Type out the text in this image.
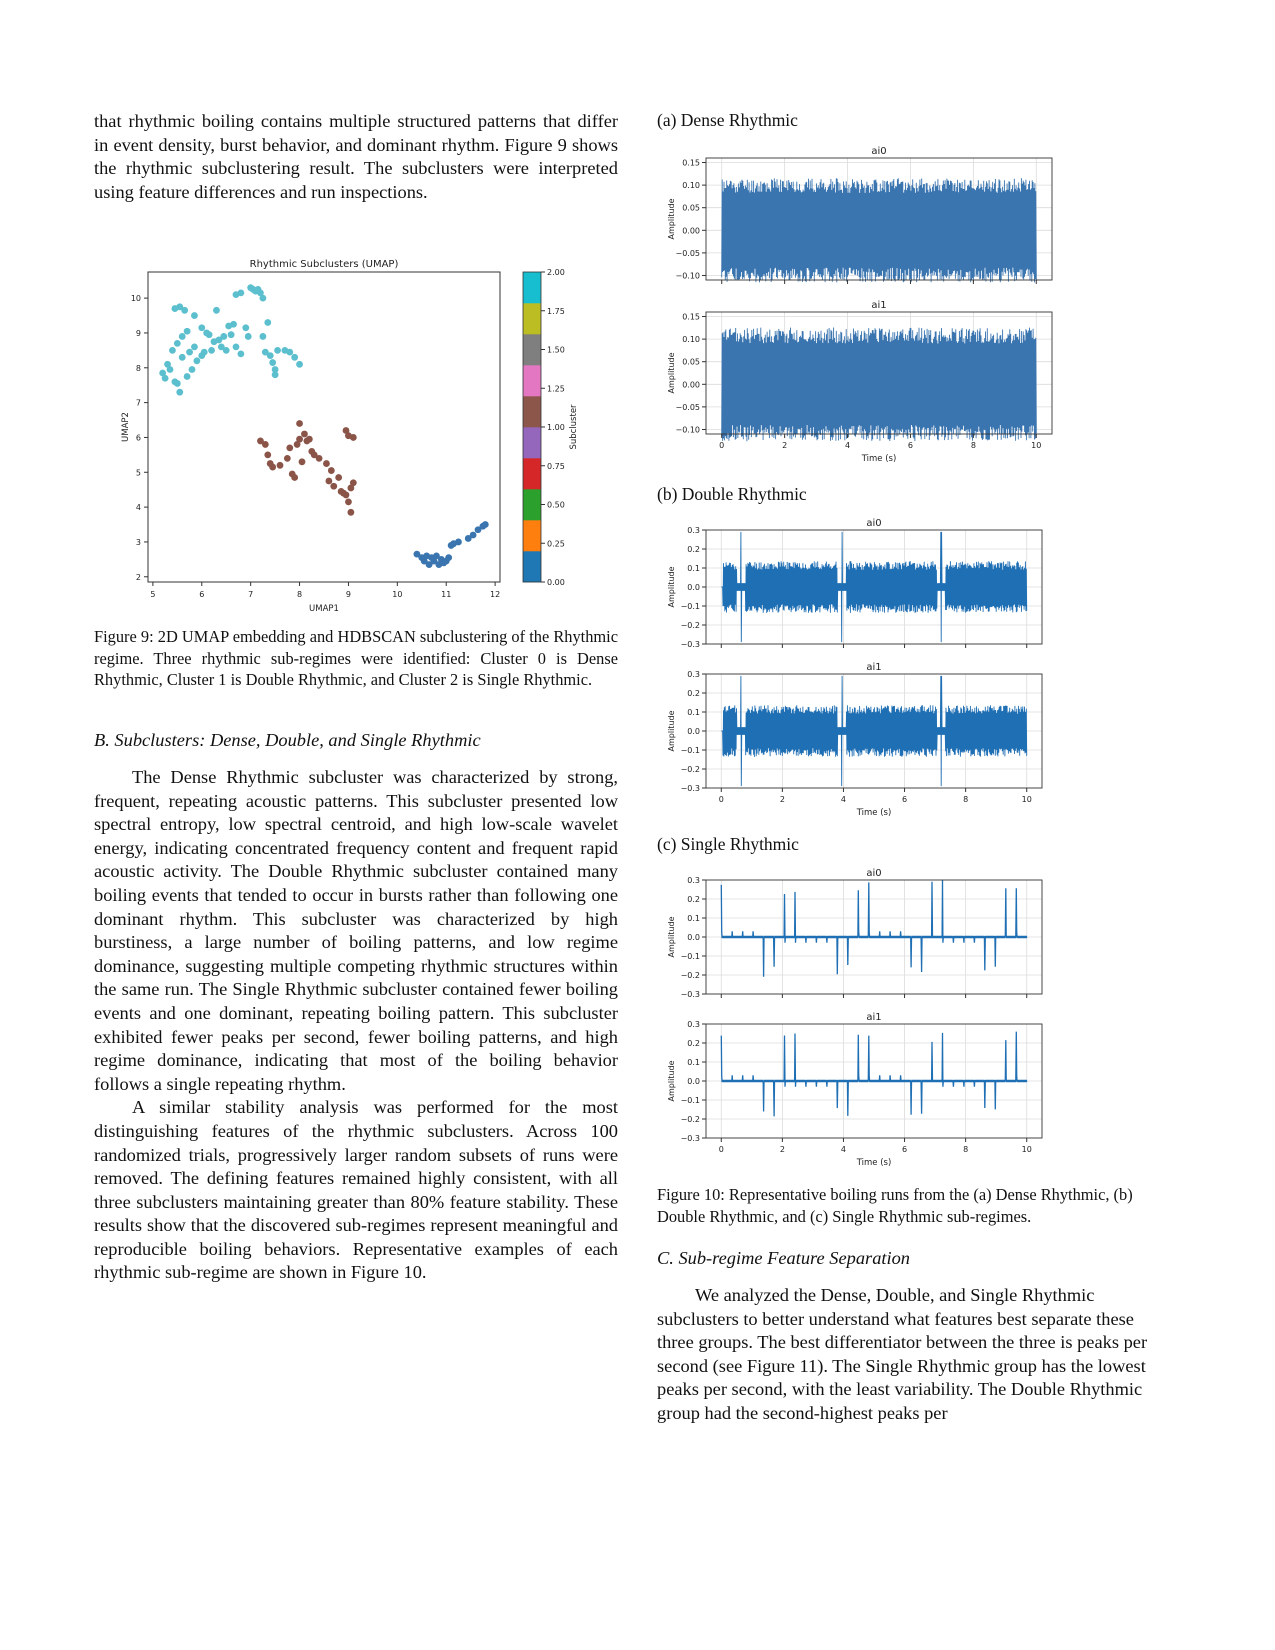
that rhythmic boiling contains multiple structured patterns that differ in event density, burst behavior, and dominant rhythm. Figure 9 shows the rhythmic subclustering result. The subclusters were interpreted using feature differences and run inspections.

Rhythmic Subclusters (UMAP)
5	6	7	8	9	10	11	12
2
3
4
5
6
7
8
9
10
UMAP1
UMAP2
0.00
0.25
0.50
0.75
1.00
1.25
1.50
1.75
2.00
Subcluster

Figure 9: 2D UMAP embedding and HDBSCAN subclustering of the Rhythmic regime. Three rhythmic sub-regimes were identified: Cluster 0 is Dense Rhythmic, Cluster 1 is Double Rhythmic, and Cluster 2 is Single Rhythmic.

B. Subclusters: Dense, Double, and Single Rhythmic

The Dense Rhythmic subcluster was characterized by strong, frequent, repeating acoustic patterns. This subcluster presented low spectral entropy, low spectral centroid, and high low-scale wavelet energy, indicating concentrated frequency content and frequent rapid acoustic activity. The Double Rhythmic subcluster contained many boiling events that tended to occur in bursts rather than following one dominant rhythm. This subcluster was characterized by high burstiness, a large number of boiling patterns, and low regime dominance, suggesting multiple competing rhythmic structures within the same run. The Single Rhythmic subcluster contained fewer boiling events and one dominant, repeating boiling pattern. This subcluster exhibited fewer peaks per second, fewer boiling patterns, and high regime dominance, indicating that most of the boiling behavior follows a single repeating rhythm.

A similar stability analysis was performed for the most distinguishing features of the rhythmic subclusters. Across 100 randomized trials, progressively larger random subsets of runs were removed. The defining features remained highly consistent, with all three subclusters maintaining greater than 80% feature stability. These results show that the discovered sub-regimes represent meaningful and reproducible boiling behaviors. Representative examples of each rhythmic sub-regime are shown in Figure 10.

(a) Dense Rhythmic

ai0
0.15
0.10
0.05
0.00
−0.05
−0.10
Amplitude
ai1
0.15
0.10
0.05
0.00
−0.05
−0.10
Amplitude
0	2	4	6	8	10
Time (s)

(b) Double Rhythmic

ai0
0.3
0.2
0.1
0.0
−0.1
−0.2
−0.3
Amplitude
ai1
0.3
0.2
0.1
0.0
−0.1
−0.2
−0.3
Amplitude
0	2	4	6	8	10
Time (s)

(c) Single Rhythmic

ai0
0.3
0.2
0.1
0.0
−0.1
−0.2
−0.3
Amplitude
ai1
0.3
0.2
0.1
0.0
−0.1
−0.2
−0.3
Amplitude
0	2	4	6	8	10
Time (s)

Figure 10: Representative boiling runs from the (a) Dense Rhythmic, (b) Double Rhythmic, and (c) Single Rhythmic sub-regimes.

C. Sub-regime Feature Separation

We analyzed the Dense, Double, and Single Rhythmic subclusters to better understand what features best separate these three groups. The best differentiator between the three is peaks per second (see Figure 11). The Single Rhythmic group has the lowest peaks per second, with the least variability. The Double Rhythmic group had the second-highest peaks per
